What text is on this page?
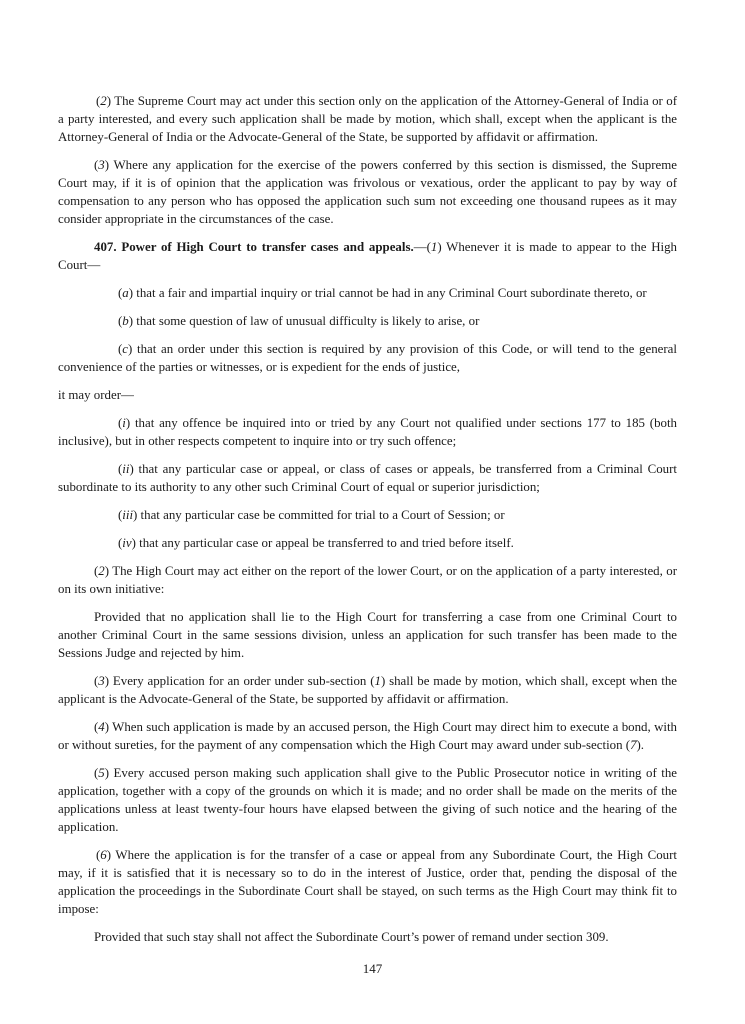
(2) The Supreme Court may act under this section only on the application of the Attorney-General of India or of a party interested, and every such application shall be made by motion, which shall, except when the applicant is the Attorney-General of India or the Advocate-General of the State, be supported by affidavit or affirmation.

(3) Where any application for the exercise of the powers conferred by this section is dismissed, the Supreme Court may, if it is of opinion that the application was frivolous or vexatious, order the applicant to pay by way of compensation to any person who has opposed the application such sum not exceeding one thousand rupees as it may consider appropriate in the circumstances of the case.

407. Power of High Court to transfer cases and appeals.—(1) Whenever it is made to appear to the High Court—

(a) that a fair and impartial inquiry or trial cannot be had in any Criminal Court subordinate thereto, or

(b) that some question of law of unusual difficulty is likely to arise, or

(c) that an order under this section is required by any provision of this Code, or will tend to the general convenience of the parties or witnesses, or is expedient for the ends of justice,

it may order—

(i) that any offence be inquired into or tried by any Court not qualified under sections 177 to 185 (both inclusive), but in other respects competent to inquire into or try such offence;

(ii) that any particular case or appeal, or class of cases or appeals, be transferred from a Criminal Court subordinate to its authority to any other such Criminal Court of equal or superior jurisdiction;

(iii) that any particular case be committed for trial to a Court of Session; or

(iv) that any particular case or appeal be transferred to and tried before itself.

(2) The High Court may act either on the report of the lower Court, or on the application of a party interested, or on its own initiative:

Provided that no application shall lie to the High Court for transferring a case from one Criminal Court to another Criminal Court in the same sessions division, unless an application for such transfer has been made to the Sessions Judge and rejected by him.

(3) Every application for an order under sub-section (1) shall be made by motion, which shall, except when the applicant is the Advocate-General of the State, be supported by affidavit or affirmation.

(4) When such application is made by an accused person, the High Court may direct him to execute a bond, with or without sureties, for the payment of any compensation which the High Court may award under sub-section (7).

(5) Every accused person making such application shall give to the Public Prosecutor notice in writing of the application, together with a copy of the grounds on which it is made; and no order shall be made on the merits of the applications unless at least twenty-four hours have elapsed between the giving of such notice and the hearing of the application.

(6) Where the application is for the transfer of a case or appeal from any Subordinate Court, the High Court may, if it is satisfied that it is necessary so to do in the interest of Justice, order that, pending the disposal of the application the proceedings in the Subordinate Court shall be stayed, on such terms as the High Court may think fit to impose:

Provided that such stay shall not affect the Subordinate Court’s power of remand under section 309.

147
